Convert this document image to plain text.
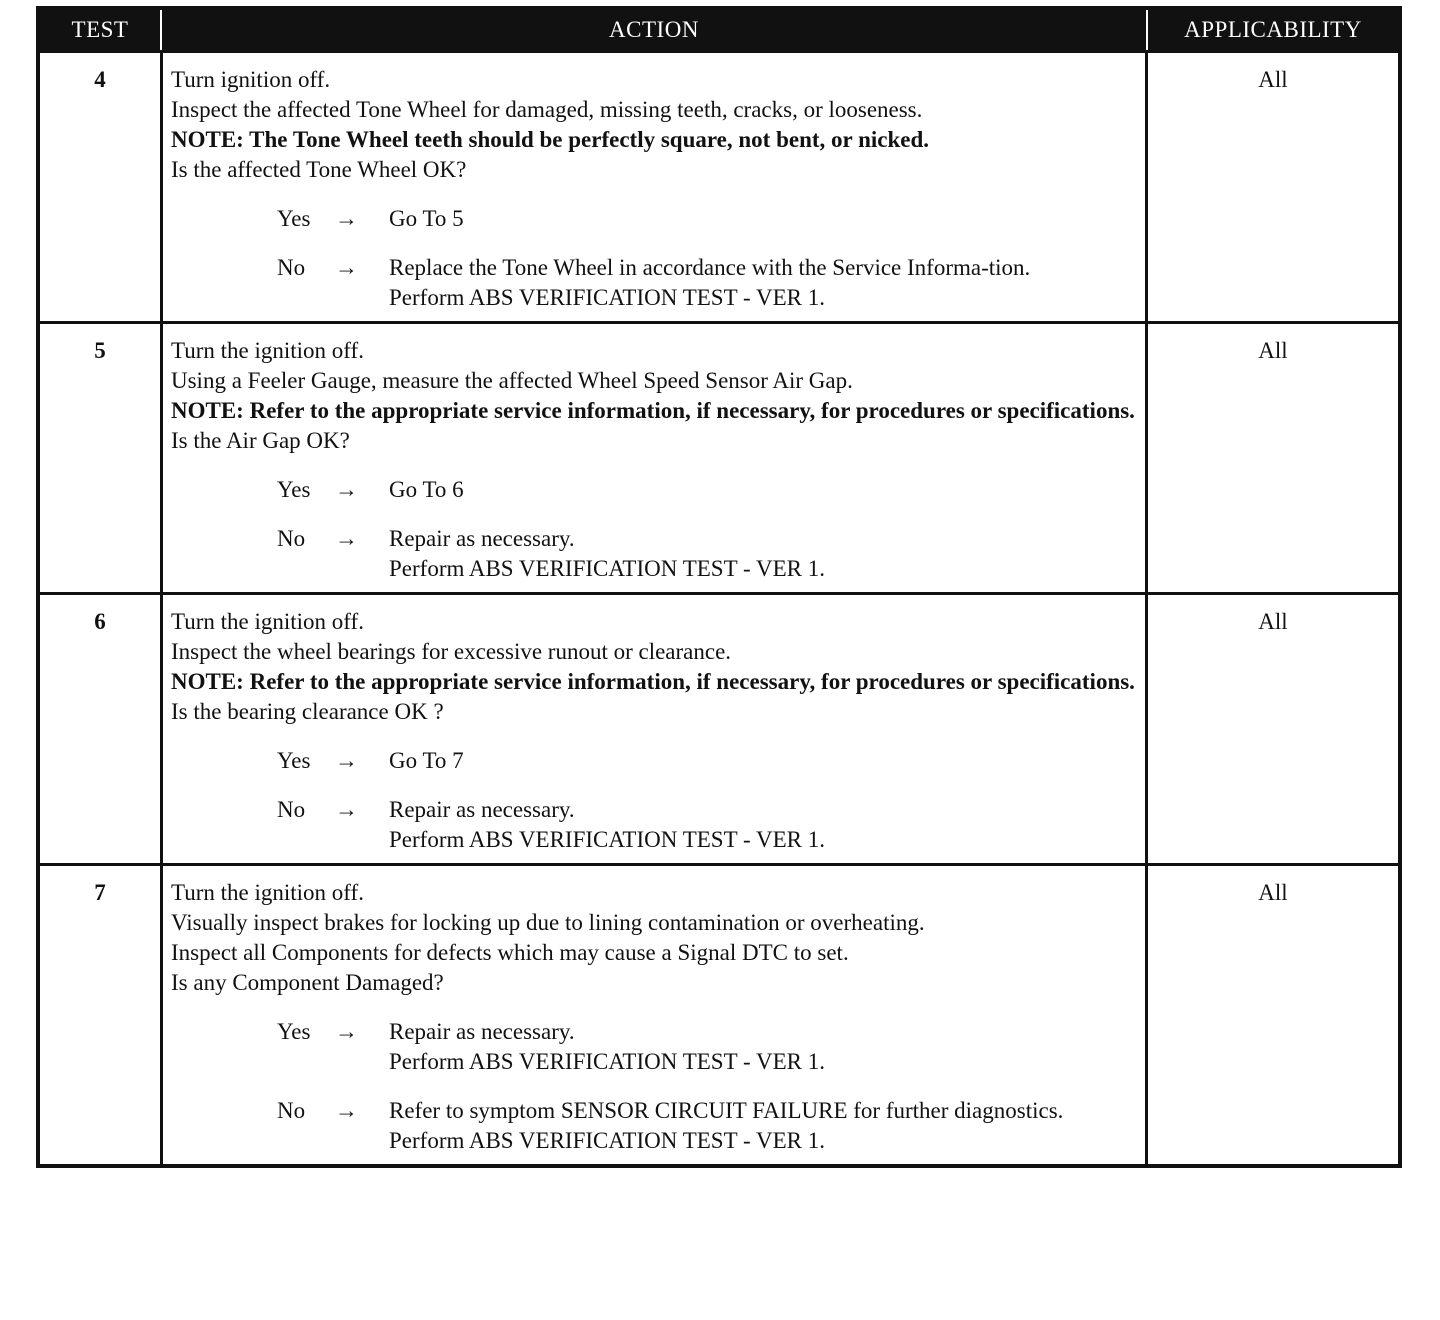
TEST	ACTION	APPLICABILITY
4	Turn ignition off.
Inspect the affected Tone Wheel for damaged, missing teeth, cracks, or looseness.
NOTE: The Tone Wheel teeth should be perfectly square, not bent, or nicked.
Is the affected Tone Wheel OK?
Yes	→	Go To 5
No	→	Replace the Tone Wheel in accordance with the Service Informa-tion.
Perform ABS VERIFICATION TEST - VER 1.
All
5	Turn the ignition off.
Using a Feeler Gauge, measure the affected Wheel Speed Sensor Air Gap.
NOTE: Refer to the appropriate service information, if necessary, for procedures or specifications.
Is the Air Gap OK?
Yes	→	Go To 6
No	→	Repair as necessary.
Perform ABS VERIFICATION TEST - VER 1.
All
6	Turn the ignition off.
Inspect the wheel bearings for excessive runout or clearance.
NOTE: Refer to the appropriate service information, if necessary, for procedures or specifications.
Is the bearing clearance OK ?
Yes	→	Go To 7
No	→	Repair as necessary.
Perform ABS VERIFICATION TEST - VER 1.
All
7	Turn the ignition off.
Visually inspect brakes for locking up due to lining contamination or overheating.
Inspect all Components for defects which may cause a Signal DTC to set.
Is any Component Damaged?
Yes	→	Repair as necessary.
Perform ABS VERIFICATION TEST - VER 1.
No	→	Refer to symptom SENSOR CIRCUIT FAILURE for further diagnostics.
Perform ABS VERIFICATION TEST - VER 1.
All
